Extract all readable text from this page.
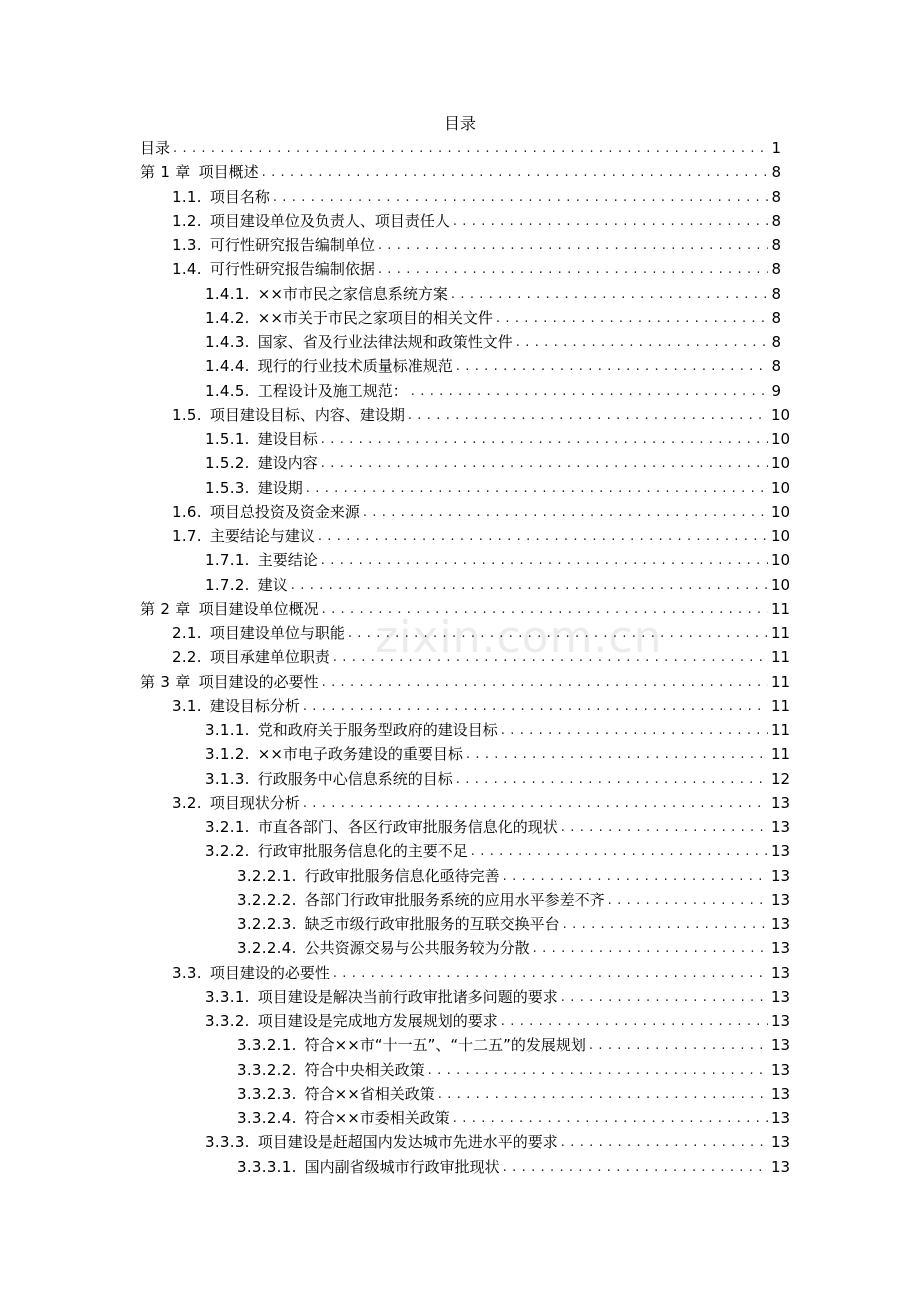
目录
zixin.com.cn
目录 . . .	1
第 1 章 项目概述 . . .	8
1.1. 项目名称 . . .	8
1.2. 项目建设单位及负责人、项目责任人 . . .	8
1.3. 可行性研究报告编制单位 . . .	8
1.4. 可行性研究报告编制依据 . . .	8
1.4.1. ××市市民之家信息系统方案 . . .	8
1.4.2. ××市关于市民之家项目的相关文件 . . .	8
1.4.3. 国家、省及行业法律法规和政策性文件 . . .	8
1.4.4. 现行的行业技术质量标准规范 . . .	8
1.4.5. 工程设计及施工规范： . . .	9
1.5. 项目建设目标、内容、建设期 . . .	10
1.5.1. 建设目标 . . .	10
1.5.2. 建设内容 . . .	10
1.5.3. 建设期 . . .	10
1.6. 项目总投资及资金来源 . . .	10
1.7. 主要结论与建议 . . .	10
1.7.1. 主要结论 . . .	10
1.7.2. 建议 . . .	10
第 2 章 项目建设单位概况 . . .	11
2.1. 项目建设单位与职能 . . .	11
2.2. 项目承建单位职责 . . .	11
第 3 章 项目建设的必要性 . . .	11
3.1. 建设目标分析 . . .	11
3.1.1. 党和政府关于服务型政府的建设目标 . . .	11
3.1.2. ××市电子政务建设的重要目标 . . .	11
3.1.3. 行政服务中心信息系统的目标 . . .	12
3.2. 项目现状分析 . . .	13
3.2.1. 市直各部门、各区行政审批服务信息化的现状 . . .	13
3.2.2. 行政审批服务信息化的主要不足 . . .	13
3.2.2.1. 行政审批服务信息化亟待完善 . . .	13
3.2.2.2. 各部门行政审批服务系统的应用水平参差不齐 . . .	13
3.2.2.3. 缺乏市级行政审批服务的互联交换平台 . . .	13
3.2.2.4. 公共资源交易与公共服务较为分散 . . .	13
3.3. 项目建设的必要性 . . .	13
3.3.1. 项目建设是解决当前行政审批诸多问题的要求 . . .	13
3.3.2. 项目建设是完成地方发展规划的要求 . . .	13
3.3.2.1. 符合××市“十一五”、“十二五”的发展规划 . . .	13
3.3.2.2. 符合中央相关政策 . . .	13
3.3.2.3. 符合××省相关政策 . . .	13
3.3.2.4. 符合××市委相关政策 . . .	13
3.3.3. 项目建设是赶超国内发达城市先进水平的要求 . . .	13
3.3.3.1. 国内副省级城市行政审批现状 . . .	13
